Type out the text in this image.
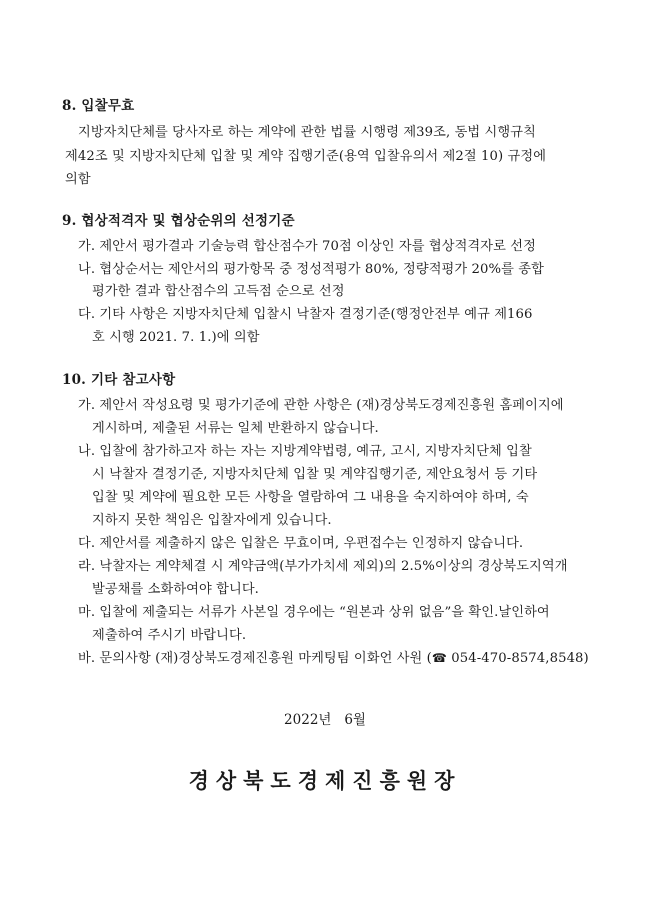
8. 입찰무효
지방자치단체를 당사자로 하는 계약에 관한 법률 시행령 제39조, 동법 시행규칙
제42조 및 지방자치단체 입찰 및 계약 집행기준(용역 입찰유의서 제2절 10) 규정에
의함
9. 협상적격자 및 협상순위의 선정기준
가. 제안서 평가결과 기술능력 합산점수가 70점 이상인 자를 협상적격자로 선정
나. 협상순서는 제안서의 평가항목 중 정성적평가 80%, 정량적평가 20%를 종합
평가한 결과 합산점수의 고득점 순으로 선정
다. 기타 사항은 지방자치단체 입찰시 낙찰자 결정기준(행정안전부 예규 제166
호 시행 2021. 7. 1.)에 의함
10. 기타 참고사항
가. 제안서 작성요령 및 평가기준에 관한 사항은 (재)경상북도경제진흥원 홈페이지에
게시하며, 제출된 서류는 일체 반환하지 않습니다.
나. 입찰에 참가하고자 하는 자는 지방계약법령, 예규, 고시, 지방자치단체 입찰
시 낙찰자 결정기준, 지방자치단체 입찰 및 계약집행기준, 제안요청서 등 기타
입찰 및 계약에 필요한 모든 사항을 열람하여 그 내용을 숙지하여야 하며, 숙
지하지 못한 책임은 입찰자에게 있습니다.
다. 제안서를 제출하지 않은 입찰은 무효이며, 우편접수는 인정하지 않습니다.
라. 낙찰자는 계약체결 시 계약금액(부가가치세 제외)의 2.5%이상의 경상북도지역개
발공채를 소화하여야 합니다.
마. 입찰에 제출되는 서류가 사본일 경우에는 “원본과 상위 없음”을 확인.날인하여
제출하여 주시기 바랍니다.
바. 문의사항 (재)경상북도경제진흥원 마케팅팀 이화언 사원 (☎ 054-470-8574,8548)
2022년   6월
경상북도경제진흥원장
